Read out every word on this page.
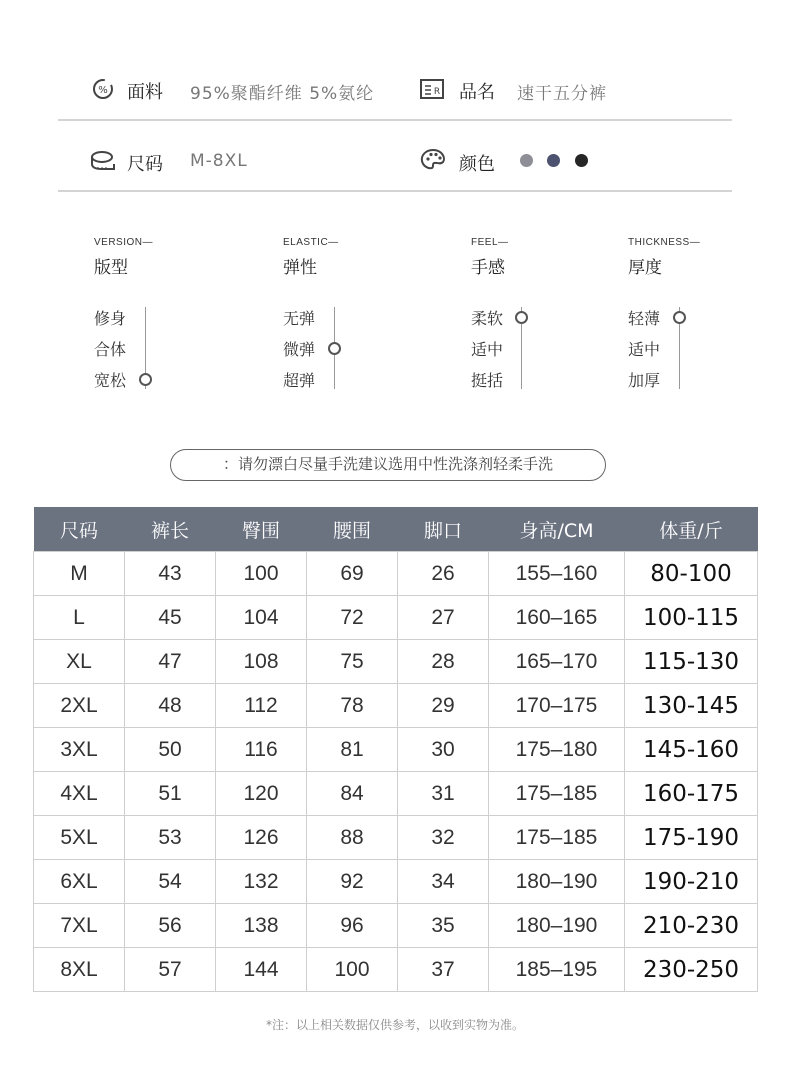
% 面料 95%聚酯纤维 5%氨纶	R 品名 速干五分裤
尺码 M-8XL	颜色
VERSION—
版型
修身
合体
宽松
ELASTIC—
弹性
无弹
微弹
超弹
FEEL—
手感
柔软
适中
挺括
THICKNESS—
厚度
轻薄
适中
加厚
：请勿漂白尽量手洗建议选用中性洗涤剂轻柔手洗
尺码	裤长	臀围	腰围	脚口	身高/CM	体重/斤
M	43	100	69	26	155–160	80-100
L	45	104	72	27	160–165	100-115
XL	47	108	75	28	165–170	115-130
2XL	48	112	78	29	170–175	130-145
3XL	50	116	81	30	175–180	145-160
4XL	51	120	84	31	175–185	160-175
5XL	53	126	88	32	175–185	175-190
6XL	54	132	92	34	180–190	190-210
7XL	56	138	96	35	180–190	210-230
8XL	57	144	100	37	185–195	230-250
*注：以上相关数据仅供参考，以收到实物为准。
